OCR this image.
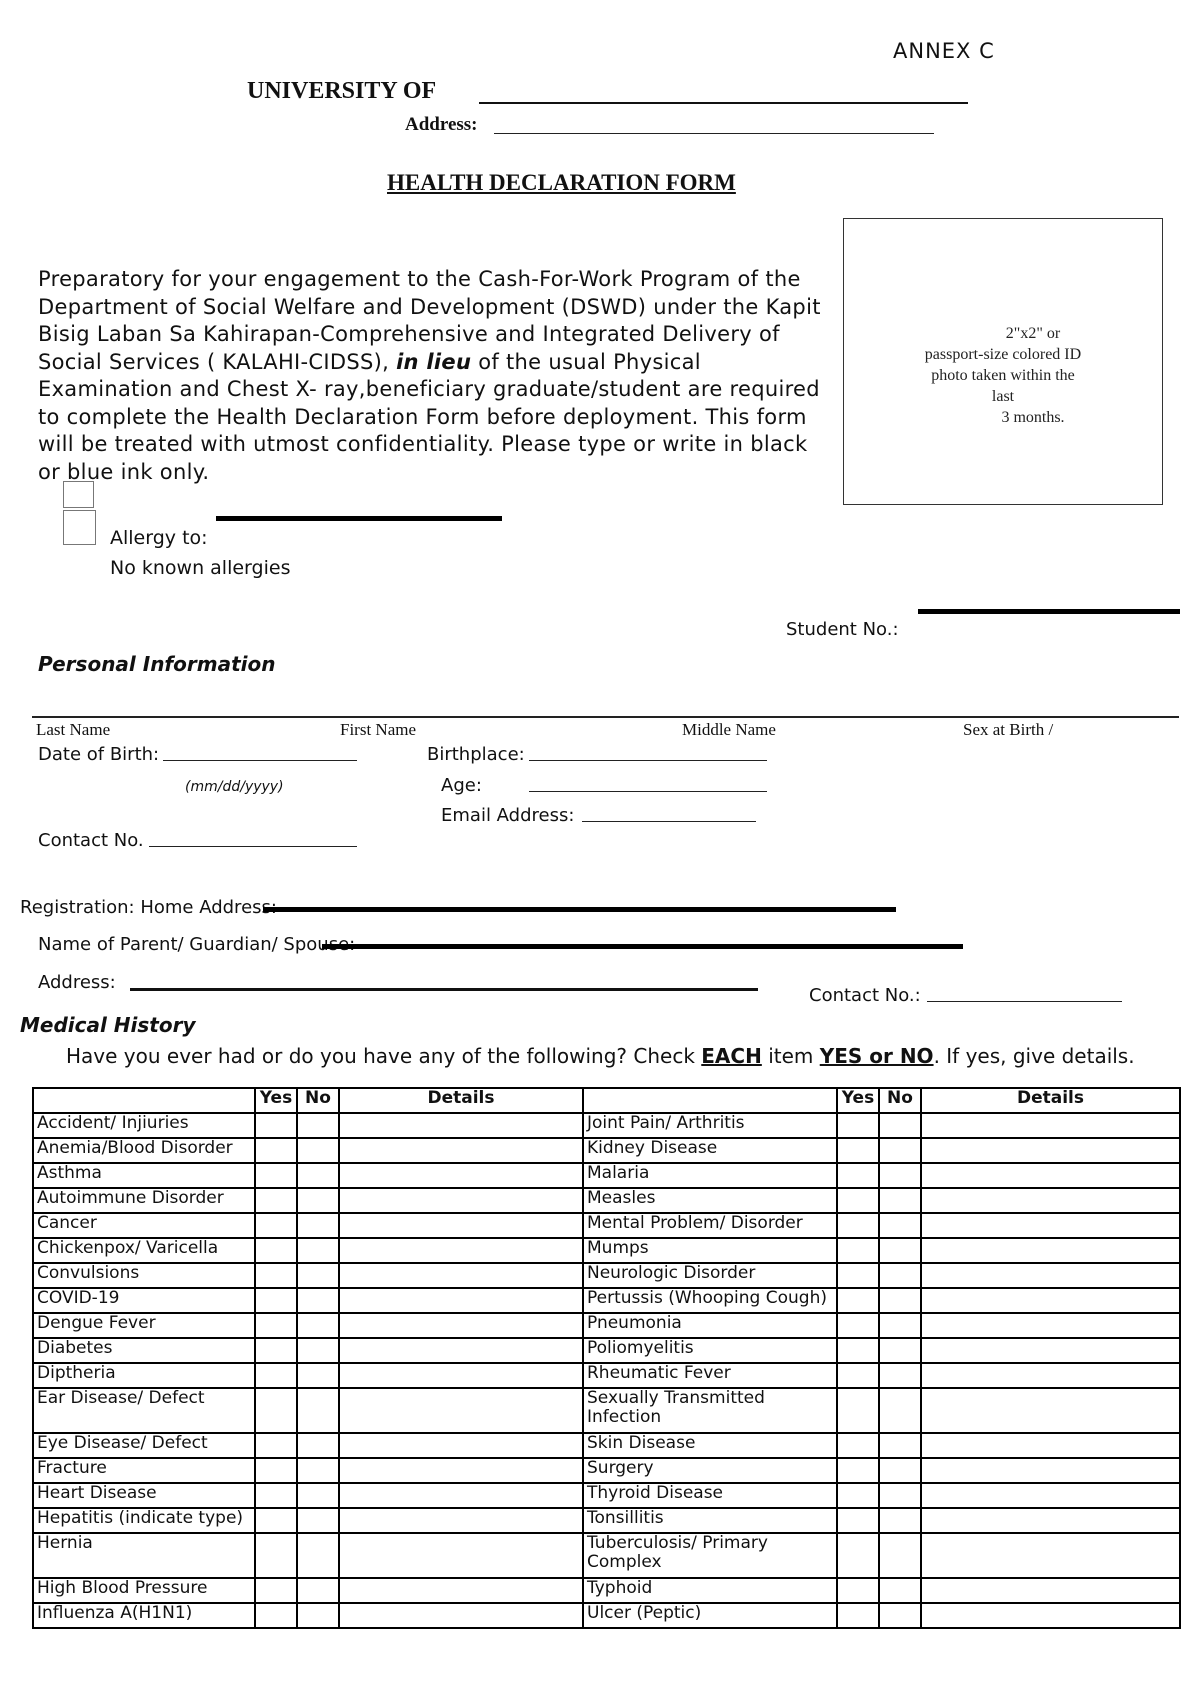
ANNEX C
UNIVERSITY OF
Address:
HEALTH DECLARATION FORM
2"x2" or
passport-size colored ID
photo taken within the
last
3 months.
Preparatory for your engagement to the Cash-For-Work Program of the Department of Social Welfare and Development (DSWD) under the Kapit Bisig Laban Sa Kahirapan-Comprehensive and Integrated Delivery of Social Services ( KALAHI-CIDSS), in lieu of the usual Physical Examination and Chest X- ray,beneficiary graduate/student are required to complete the Health Declaration Form before deployment. This form will be treated with utmost confidentiality. Please type or write in black or blue ink only.
Allergy to:
No known allergies
Student No.:
Personal Information
Last Name	First Name	Middle Name	Sex at Birth /
Date of Birth:
(mm/dd/yyyy)
Birthplace:
Age:
Email Address:
Contact No.
Registration: Home Address:
Name of Parent/ Guardian/ Spouse:
Address:
Contact No.:
Medical History
Have you ever had or do you have any of the following? Check EACH item YES or NO. If yes, give details.
	Yes	No	Details		Yes	No	Details
Accident/ Injiuries				Joint Pain/ Arthritis			
Anemia/Blood Disorder				Kidney Disease			
Asthma				Malaria			
Autoimmune Disorder				Measles			
Cancer				Mental Problem/ Disorder			
Chickenpox/ Varicella				Mumps			
Convulsions				Neurologic Disorder			
COVID-19				Pertussis (Whooping Cough)			
Dengue Fever				Pneumonia			
Diabetes				Poliomyelitis			
Diptheria				Rheumatic Fever			
Ear Disease/ Defect				Sexually Transmitted Infection			
Eye Disease/ Defect				Skin Disease			
Fracture				Surgery			
Heart Disease				Thyroid Disease			
Hepatitis (indicate type)				Tonsillitis			
Hernia				Tuberculosis/ Primary Complex			
High Blood Pressure				Typhoid			
Influenza A(H1N1)				Ulcer (Peptic)			
